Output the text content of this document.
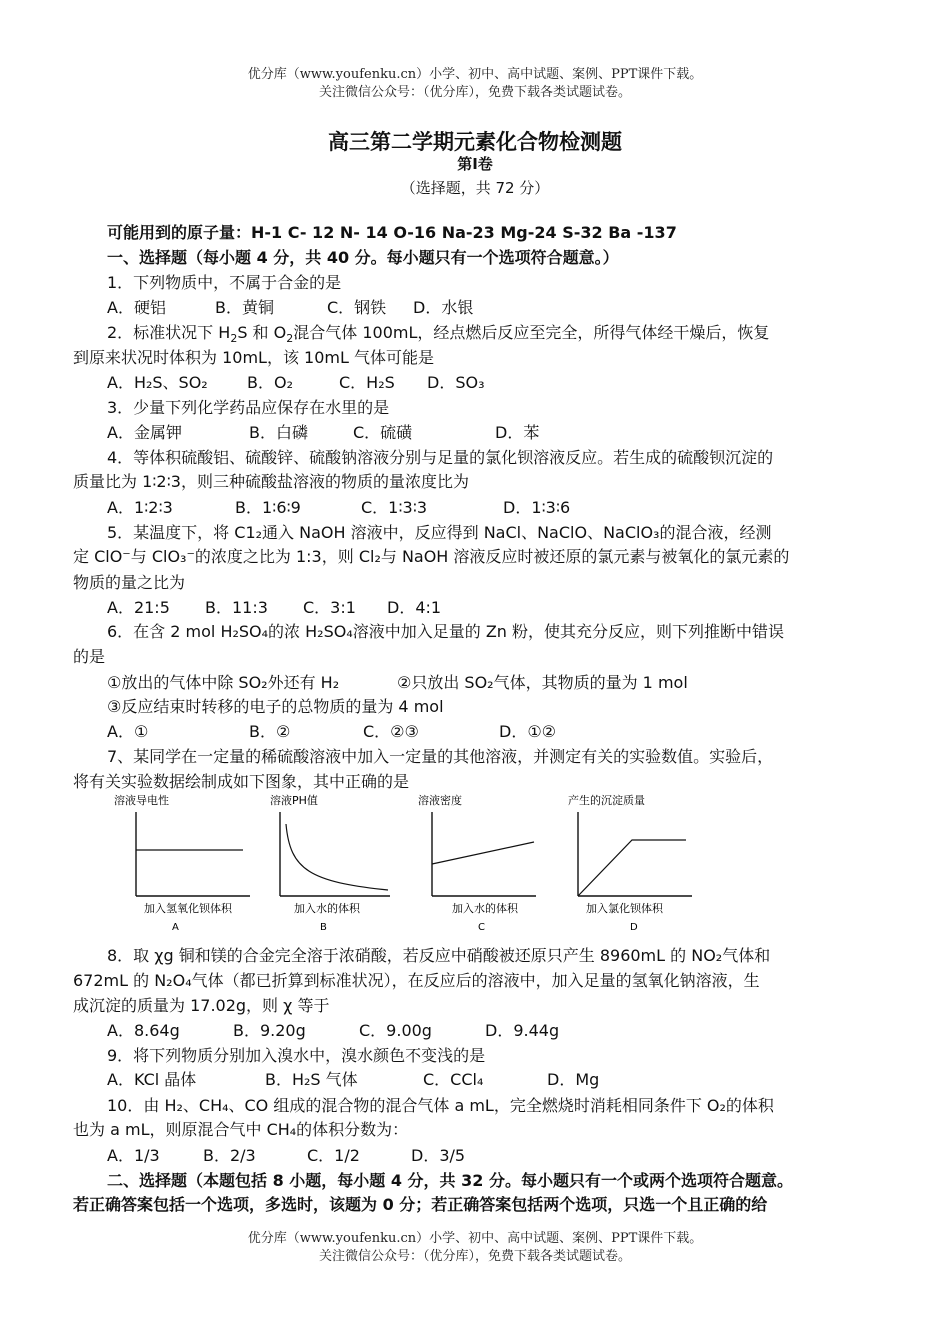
优分库（www.youfenku.cn）小学、初中、高中试题、案例、PPT课件下载。
关注微信公众号：（优分库），免费下载各类试题试卷。
高三第二学期元素化合物检测题
第Ⅰ卷
（选择题，共 72 分）
可能用到的原子量：H-1 C- 12 N- 14 O-16 Na-23 Mg-24 S-32 Ba -137
一、选择题（每小题 4 分，共 40 分。每小题只有一个选项符合题意。）
1．下列物质中，不属于合金的是
A．硬铝	B．黄铜	C．钢铁 D．水银
2．标准状况下 $H_2S$ 和 $O_2$混合气体 100mL，经点燃后反应至完全，所得气体经干燥后，恢复
到原来状况时体积为 10mL，该 10mL 气体可能是
A．H₂S、SO₂ B．O₂	C．H₂S D．SO₃
3．少量下列化学药品应保存在水里的是
A．金属钾	B．白磷	C．硫磺	D．苯
4．等体积硫酸铝、硫酸锌、硫酸钠溶液分别与足量的氯化钡溶液反应。若生成的硫酸钡沉淀的
质量比为 1∶2∶3，则三种硫酸盐溶液的物质的量浓度比为
A．1∶2∶3	B．1∶6∶9	C．1∶3∶3	D．1∶3∶6
5．某温度下，将 C1₂通入 NaOH 溶液中，反应得到 NaCl、NaClO、NaClO₃的混合液，经测
定 ClO⁻与 ClO₃⁻的浓度之比为 1:3，则 Cl₂与 NaOH 溶液反应时被还原的氯元素与被氧化的氯元素的
物质的量之比为
A．21:5 B．11:3 C．3:1 D．4:1
6．在含 2 mol H₂SO₄的浓 H₂SO₄溶液中加入足量的 Zn 粉，使其充分反应，则下列推断中错误
的是
①放出的气体中除 SO₂外还有 H₂	②只放出 SO₂气体，其物质的量为 1 mol
③反应结束时转移的电子的总物质的量为 4 mol
A．①	B．②	C．②③	D．①②
7、某同学在一定量的稀硫酸溶液中加入一定量的其他溶液，并测定有关的实验数值。实验后，
将有关实验数据绘制成如下图象，其中正确的是
溶液导电性
加入氢氧化钡体积
A
溶液PH值
加入水的体积
B
溶液密度
加入水的体积
C
产生的沉淀质量
加入氯化钡体积
D
8．取 χg 铜和镁的合金完全溶于浓硝酸，若反应中硝酸被还原只产生 8960mL 的 NO₂气体和
672mL 的 N₂O₄气体（都已折算到标准状况），在反应后的溶液中，加入足量的氢氧化钠溶液，生
成沉淀的质量为 17.02g，则 χ 等于
A．8.64g	B．9.20g	C．9.00g	D．9.44g
9．将下列物质分别加入溴水中，溴水颜色不变浅的是
A．KCl 晶体	B．H₂S 气体	C．CCl₄	D．Mg
10．由 H₂、CH₄、CO 组成的混合物的混合气体 a mL，完全燃烧时消耗相同条件下 O₂的体积
也为 a mL，则原混合气中 CH₄的体积分数为：
A．1/3	B．2/3	C．1/2	D．3/5
二、选择题（本题包括 8 小题，每小题 4 分，共 32 分。每小题只有一个或两个选项符合题意。
若正确答案包括一个选项，多选时，该题为 0 分；若正确答案包括两个选项，只选一个且正确的给
优分库（www.youfenku.cn）小学、初中、高中试题、案例、PPT课件下载。
关注微信公众号：（优分库），免费下载各类试题试卷。
